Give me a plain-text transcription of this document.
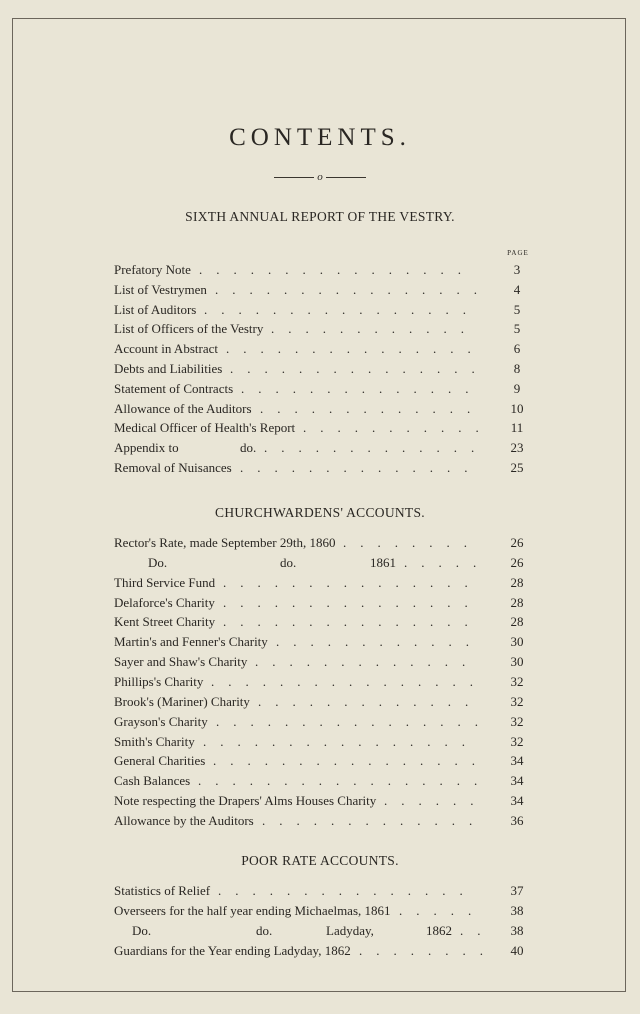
CONTENTS.
o
SIXTH ANNUAL REPORT OF THE VESTRY.
PAGE
Prefatory Note ................	3
List of Vestrymen ................	4
List of Auditors ................	5
List of Officers of the Vestry ............	5
Account in Abstract ...............	6
Debts and Liabilities ...............	8
Statement of Contracts ..............	9
Allowance of the Auditors .............	10
Medical Officer of Health's Report ...........	11
Appendix to	do. .............	23
Removal of Nuisances ..............	25
Rector's Rate, made September 29th, 1860 ........	26
Do.	do.	1861 .....	26
Third Service Fund ...............	28
Delaforce's Charity ...............	28
Kent Street Charity ...............	28
Martin's and Fenner's Charity ............	30
Sayer and Shaw's Charity .............	30
Phillips's Charity ................	32
Brook's (Mariner) Charity .............	32
Grayson's Charity ................	32
Smith's Charity ................	32
General Charities ................	34
Cash Balances .................	34
Note respecting the Drapers' Alms Houses Charity ......	34
Allowance by the Auditors .............	36
Statistics of Relief ...............	37
Overseers for the half year ending Michaelmas, 1861 .....	38
Do.	do.	Ladyday,	1862 ..	38
Guardians for the Year ending Ladyday, 1862 ........	40
CHURCHWARDENS' ACCOUNTS.
POOR RATE ACCOUNTS.
